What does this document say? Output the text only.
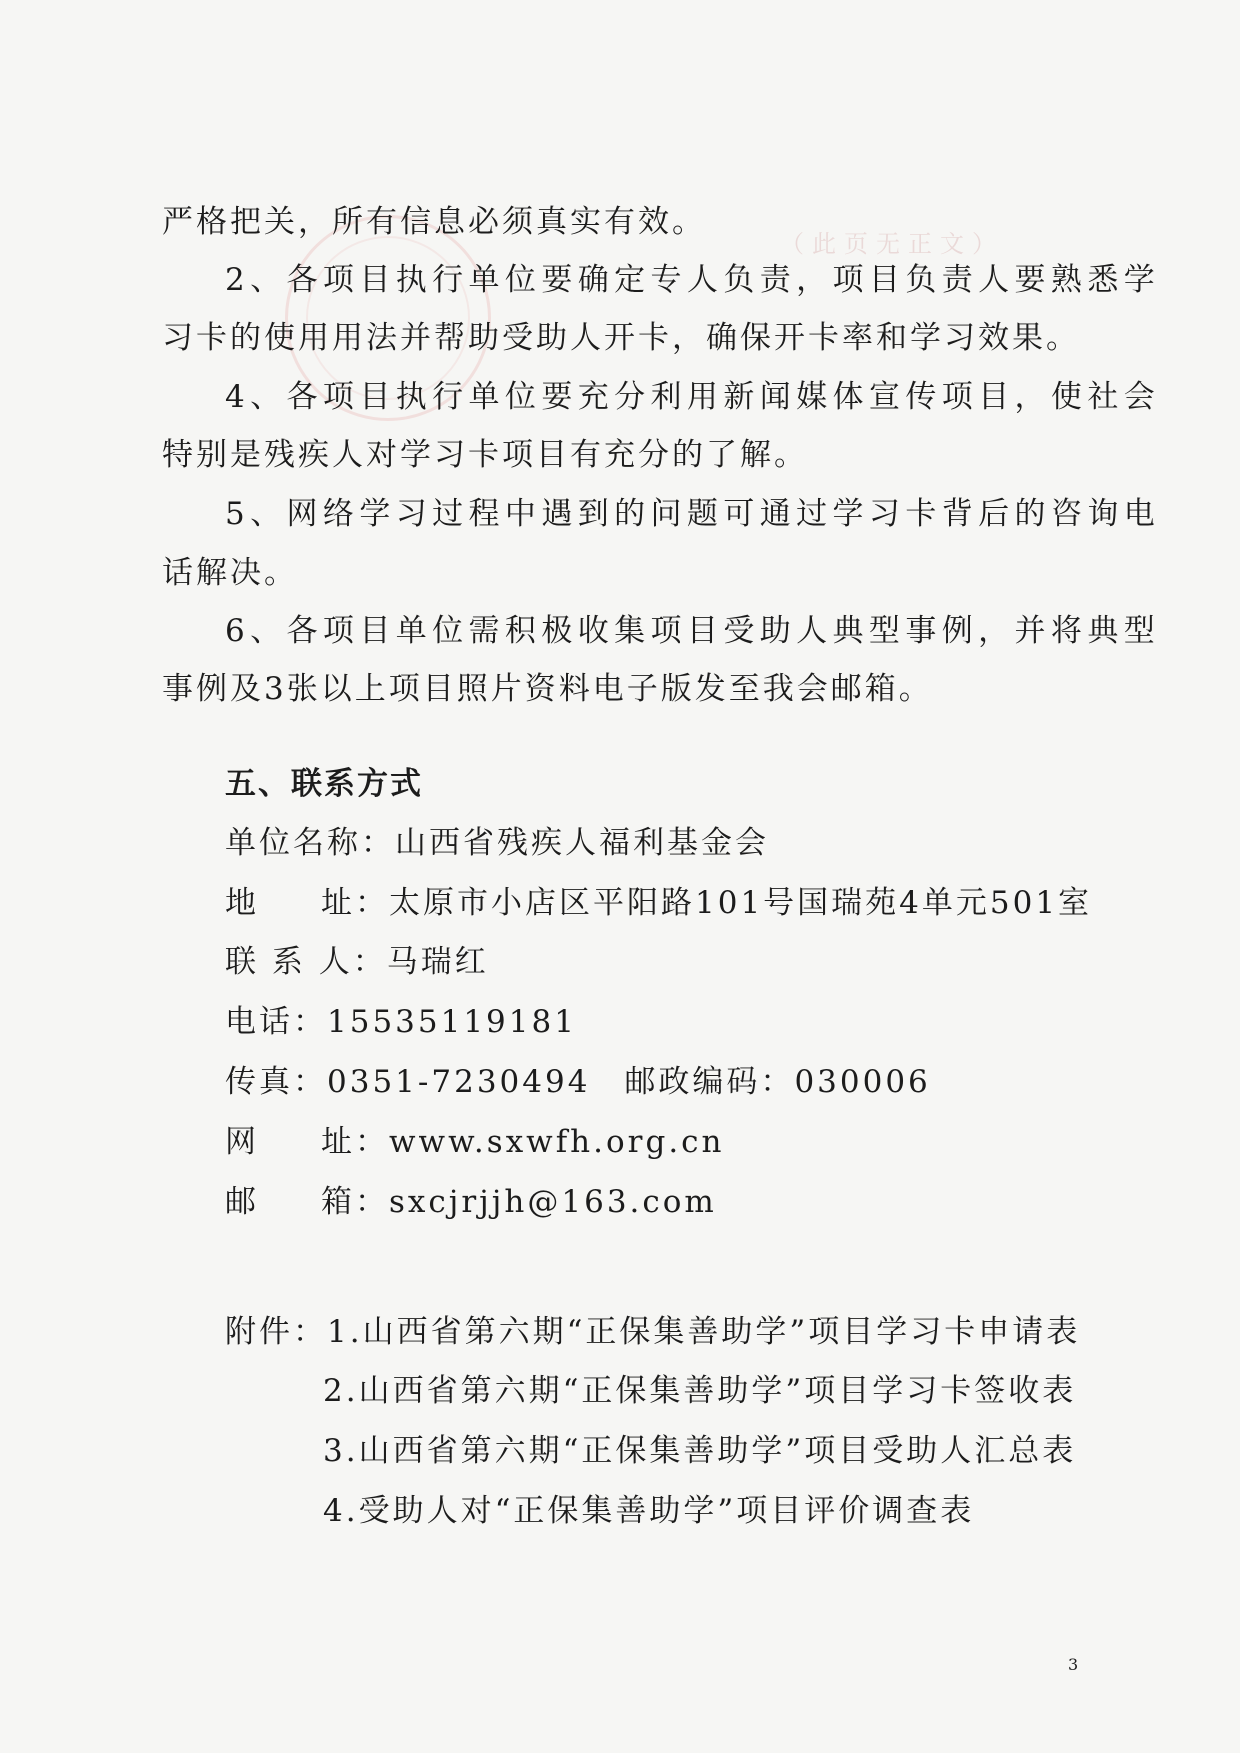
（此页无正文）
严格把关，所有信息必须真实有效。
2、各项目执行单位要确定专人负责，项目负责人要熟悉学
习卡的使用用法并帮助受助人开卡，确保开卡率和学习效果。
4、各项目执行单位要充分利用新闻媒体宣传项目，使社会
特别是残疾人对学习卡项目有充分的了解。
5、网络学习过程中遇到的问题可通过学习卡背后的咨询电
话解决。
6、各项目单位需积极收集项目受助人典型事例，并将典型
事例及3张以上项目照片资料电子版发至我会邮箱。
五、联系方式
单位名称：山西省残疾人福利基金会
地 址：太原市小店区平阳路101号国瑞苑4单元501室
联 系 人：马瑞红
电话：15535119181
传真：0351-7230494 邮政编码：030006
网 址：www.sxwfh.org.cn
邮 箱：sxcjrjjh@163.com
附件：1.山西省第六期“正保集善助学”项目学习卡申请表
2.山西省第六期“正保集善助学”项目学习卡签收表
3.山西省第六期“正保集善助学”项目受助人汇总表
4.受助人对“正保集善助学”项目评价调查表
3
